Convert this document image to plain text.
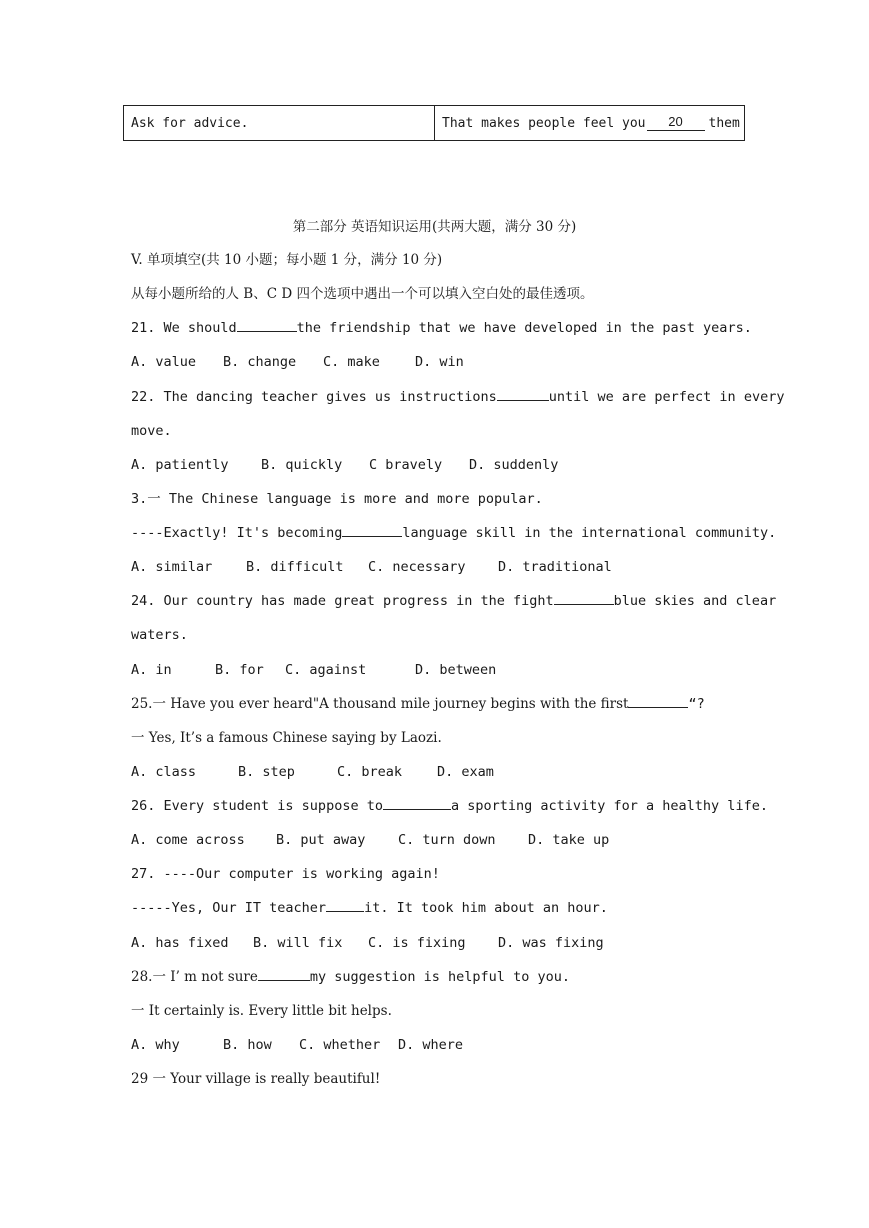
Ask for advice.	That makes people feel you	20	them
第二部分 英语知识运用(共两大题，满分 30 分)
V. 单项填空(共 10 小题；每小题 1 分，满分 10 分)
从每小题所给的人 B、C D 四个选项中遇出一个可以填入空白处的最佳透项。
21. We should	the friendship that we have developed in the past years.
A. value B. change C. make	D. win
22. The dancing teacher gives us instructions	until we are perfect in every
move.
A. patiently B. quickly C bravely D. suddenly
3.一 The Chinese language is more and more popular.
----Exactly! It's becoming	language skill in the international community.
A. similar B. difficult C. necessary D. traditional
24. Our country has made great progress in the fight	blue skies and clear
waters.
A. in	B. for C. against	D. between
25.一 Have you ever heard"A thousand mile journey begins with the first	“?
一 Yes, It’s a famous Chinese saying by Laozi.
A. class	B. step	C. break	D. exam
26. Every student is suppose to	a sporting activity for a healthy life.
A. come across B. put away C. turn down D. take up
27. ----Our computer is working again!
-----Yes, Our IT teacher	it. It took him about an hour.
A. has fixed B. will fix C. is fixing D. was fixing
28.一 I’ m not sure	my suggestion is helpful to you.
一 It certainly is. Every little bit helps.
A. why	B. how C. whether D. where
29 一 Your village is really beautiful!
